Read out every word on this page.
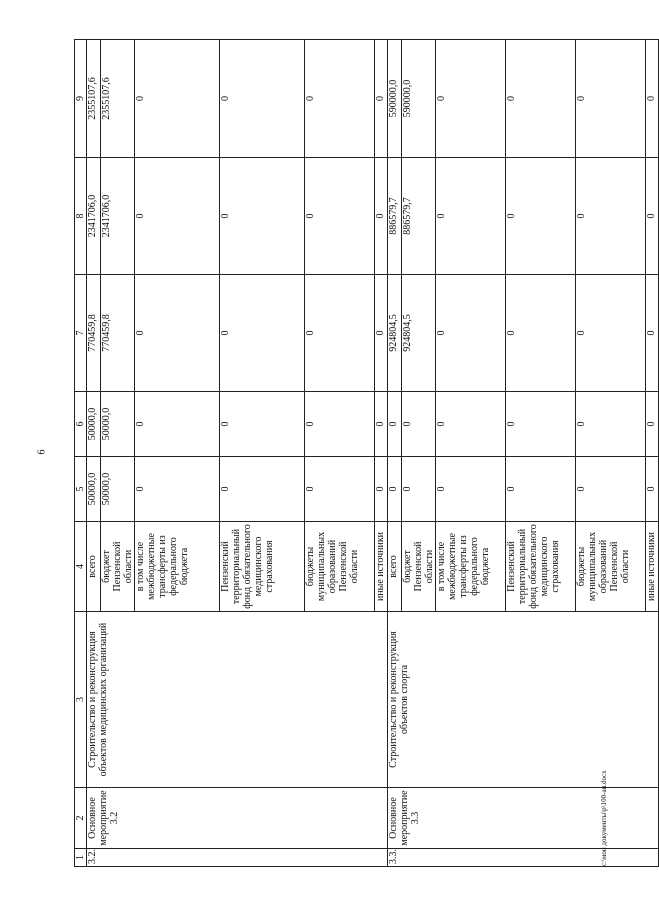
6
c:\мои документы\p\100-ап.docx
1	2	3	4	5	6	7	8	9
3.2.	Основное мероприятие 3.2	Строительство и реконструкция объектов медицинских организаций	всего	50000,0	50000,0	770459,8	2341706,0	2355107,6
			бюджет Пензенской области	50000,0	50000,0	770459,8	2341706,0	2355107,6
			в том числе межбюджетные трансферты из федерального бюджета	0	0	0	0	0
			Пензенский территориальный фонд обязательного медицинского страхования	0	0	0	0	0
			бюджеты муниципальных образований Пензенской области	0	0	0	0	0
			иные источники	0	0	0	0	0
3.3.	Основное мероприятие 3.3	Строительство и реконструкция объектов спорта	всего	0	0	924804,5	886579,7	590000,0
			бюджет Пензенской области	0	0	924804,5	886579,7	590000,0
			в том числе межбюджетные трансферты из федерального бюджета	0	0	0	0	0
			Пензенский территориальный фонд обязательного медицинского страхования	0	0	0	0	0
			бюджеты муниципальных образований Пензенской области	0	0	0	0	0
			иные источники	0	0	0	0	0
